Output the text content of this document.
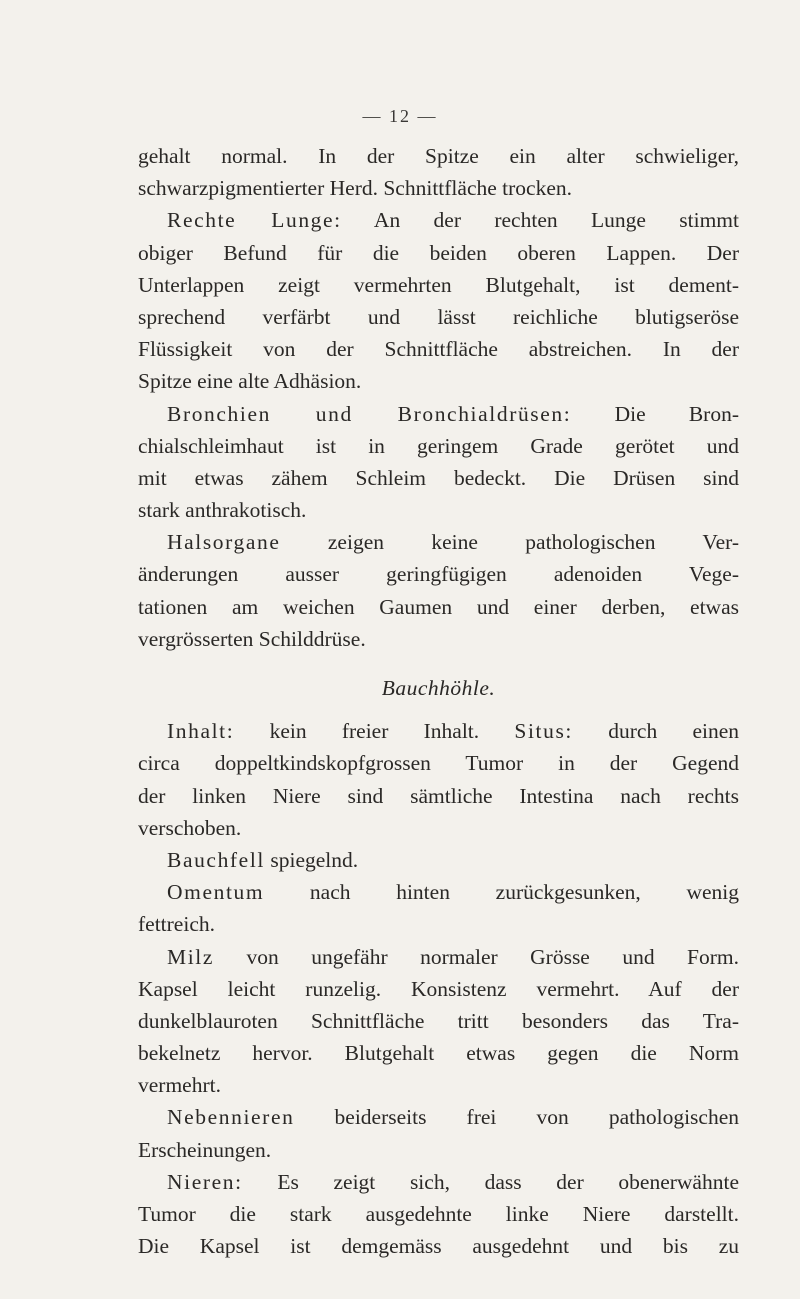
— 12 —
gehalt normal. In der Spitze ein alter schwieliger,
schwarzpigmentierter Herd. Schnittfläche trocken.
Rechte Lunge: An der rechten Lunge stimmt
obiger Befund für die beiden oberen Lappen. Der
Unterlappen zeigt vermehrten Blutgehalt, ist dement-
sprechend verfärbt und lässt reichliche blutigseröse
Flüssigkeit von der Schnittfläche abstreichen. In der
Spitze eine alte Adhäsion.
Bronchien und Bronchialdrüsen: Die Bron-
chialschleimhaut ist in geringem Grade gerötet und
mit etwas zähem Schleim bedeckt. Die Drüsen sind
stark anthrakotisch.
Halsorgane zeigen keine pathologischen Ver-
änderungen ausser geringfügigen adenoiden Vege-
tationen am weichen Gaumen und einer derben, etwas
vergrösserten Schilddrüse.
Bauchhöhle.
Inhalt: kein freier Inhalt. Situs: durch einen
circa doppeltkindskopfgrossen Tumor in der Gegend
der linken Niere sind sämtliche Intestina nach rechts
verschoben.
Bauchfell spiegelnd.
Omentum nach hinten zurückgesunken, wenig
fettreich.
Milz von ungefähr normaler Grösse und Form.
Kapsel leicht runzelig. Konsistenz vermehrt. Auf der
dunkelblauroten Schnittfläche tritt besonders das Tra-
bekelnetz hervor. Blutgehalt etwas gegen die Norm
vermehrt.
Nebennieren beiderseits frei von pathologischen
Erscheinungen.
Nieren: Es zeigt sich, dass der obenerwähnte
Tumor die stark ausgedehnte linke Niere darstellt.
Die Kapsel ist demgemäss ausgedehnt und bis zu
